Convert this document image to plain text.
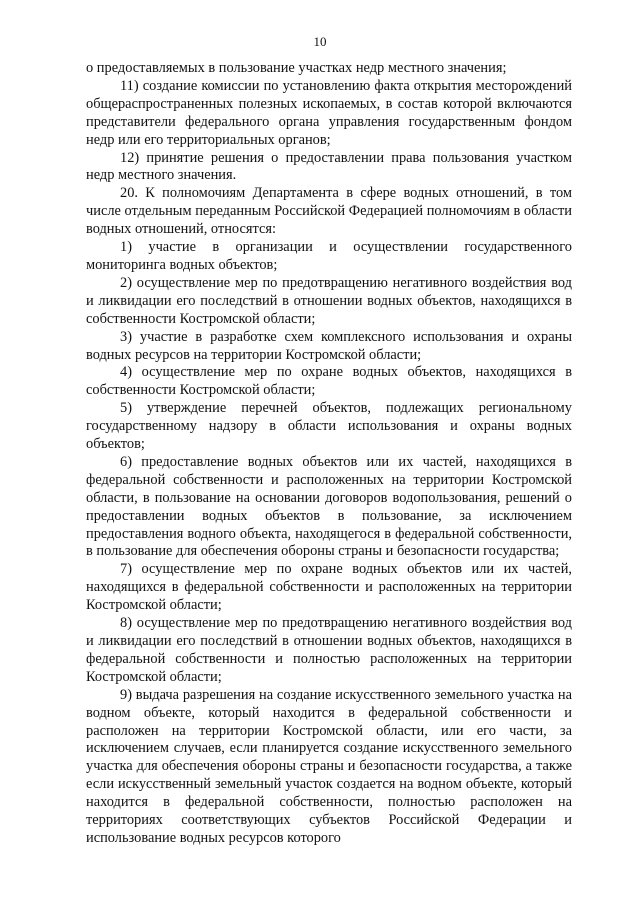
10

о предоставляемых в пользование участках недр местного значения;

11) создание комиссии по установлению факта открытия месторождений общераспространенных полезных ископаемых, в состав которой включаются представители федерального органа управления государственным фондом недр или его территориальных органов;

12) принятие решения о предоставлении права пользования участком недр местного значения.

20. К полномочиям Департамента в сфере водных отношений, в том числе отдельным переданным Российской Федерацией полномочиям в области водных отношений, относятся:

1) участие в организации и осуществлении государственного мониторинга водных объектов;

2) осуществление мер по предотвращению негативного воздействия вод и ликвидации его последствий в отношении водных объектов, находящихся в собственности Костромской области;

3) участие в разработке схем комплексного использования и охраны водных ресурсов на территории Костромской области;

4) осуществление мер по охране водных объектов, находящихся в собственности Костромской области;

5) утверждение перечней объектов, подлежащих региональному государственному надзору в области использования и охраны водных объектов;

6) предоставление водных объектов или их частей, находящихся в федеральной собственности и расположенных на территории Костромской области, в пользование на основании договоров водопользования, решений о предоставлении водных объектов в пользование, за исключением предоставления водного объекта, находящегося в федеральной собственности, в пользование для обеспечения обороны страны и безопасности государства;

7) осуществление мер по охране водных объектов или их частей, находящихся в федеральной собственности и расположенных на территории Костромской области;

8) осуществление мер по предотвращению негативного воздействия вод и ликвидации его последствий в отношении водных объектов, находящихся в федеральной собственности и полностью расположенных на территории Костромской области;

9) выдача разрешения на создание искусственного земельного участка на водном объекте, который находится в федеральной собственности и расположен на территории Костромской области, или его части, за исключением случаев, если планируется создание искусственного земельного участка для обеспечения обороны страны и безопасности государства, а также если искусственный земельный участок создается на водном объекте, который находится в федеральной собственности, полностью расположен на территориях соответствующих субъектов Российской Федерации и использование водных ресурсов которого
